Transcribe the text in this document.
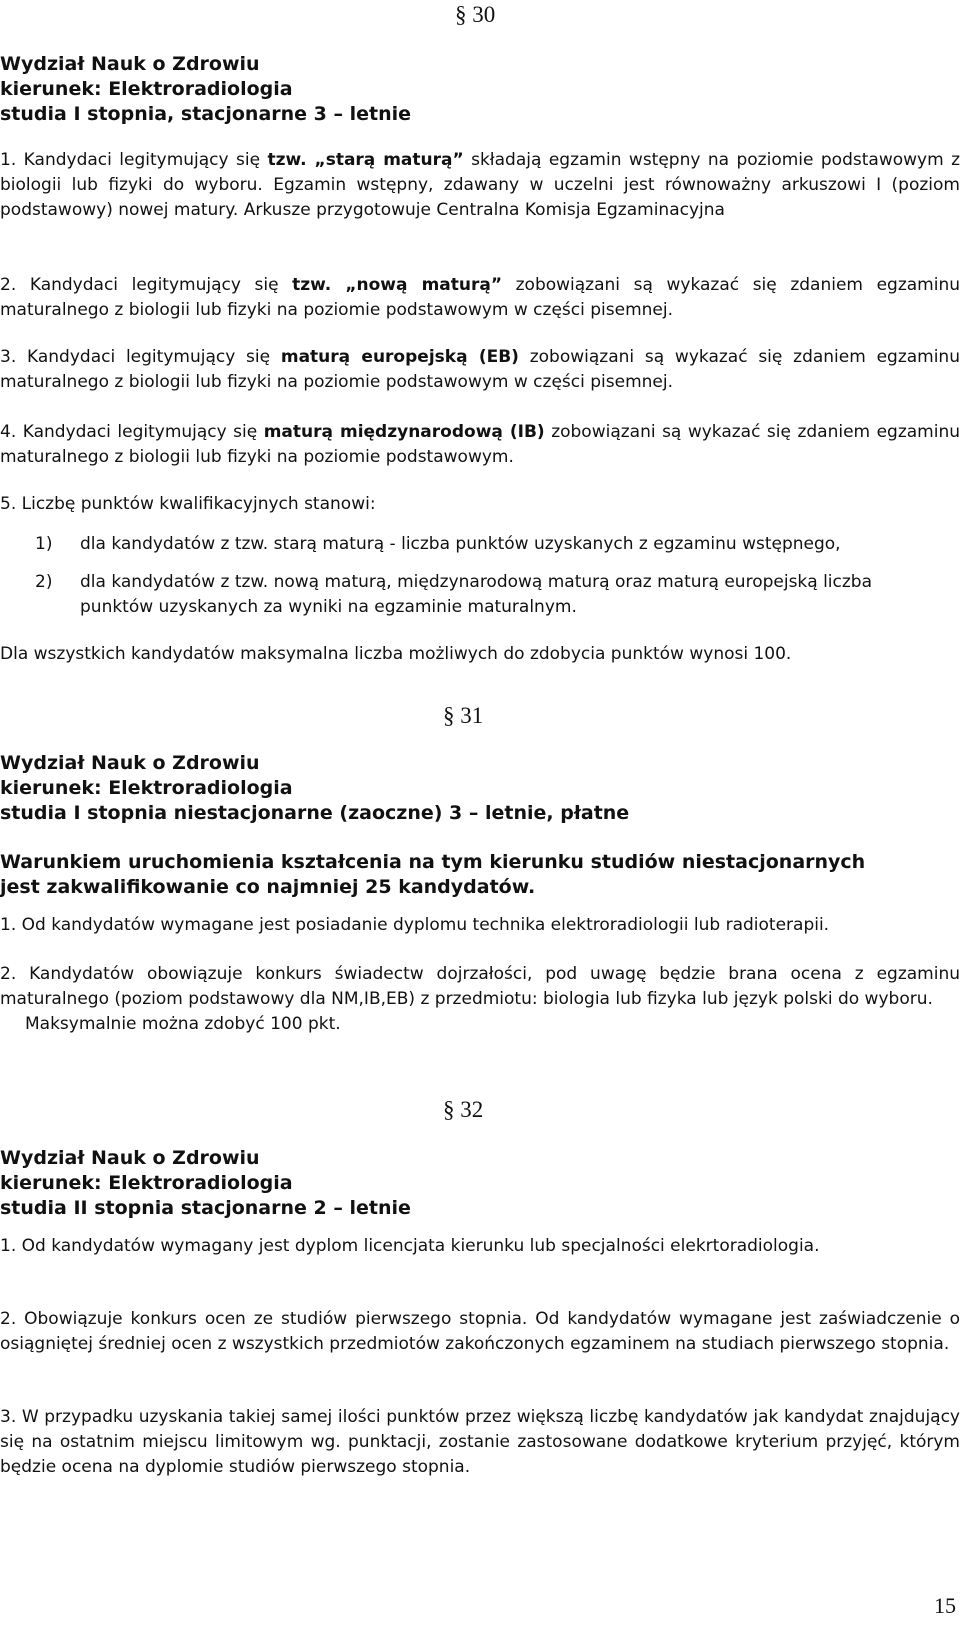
§ 30
Wydział Nauk o Zdrowiu
kierunek: Elektroradiologia
studia I stopnia, stacjonarne 3 – letnie
1. Kandydaci legitymujący się tzw. „starą maturą” składają egzamin wstępny na poziomie podstawowym z biologii lub fizyki do wyboru. Egzamin wstępny, zdawany w uczelni jest równoważny arkuszowi I (poziom podstawowy) nowej matury. Arkusze przygotowuje Centralna Komisja Egzaminacyjna
2. Kandydaci legitymujący się tzw. „nową maturą” zobowiązani są wykazać się zdaniem egzaminu maturalnego z biologii lub fizyki na poziomie podstawowym w części pisemnej.
3. Kandydaci legitymujący się maturą europejską (EB) zobowiązani są wykazać się zdaniem egzaminu maturalnego z biologii lub fizyki na poziomie podstawowym w części pisemnej.
4. Kandydaci legitymujący się maturą międzynarodową (IB) zobowiązani są wykazać się zdaniem egzaminu maturalnego z biologii lub fizyki na poziomie podstawowym.
5. Liczbę punktów kwalifikacyjnych stanowi:
1) dla kandydatów z tzw. starą maturą - liczba punktów uzyskanych z egzaminu wstępnego,
2) dla kandydatów z tzw. nową maturą, międzynarodową maturą oraz maturą europejską liczba punktów uzyskanych za wyniki na egzaminie maturalnym.
Dla wszystkich kandydatów maksymalna liczba możliwych do zdobycia punktów wynosi 100.
§ 31
Wydział Nauk o Zdrowiu
kierunek: Elektroradiologia
studia I stopnia niestacjonarne (zaoczne) 3 – letnie, płatne
Warunkiem uruchomienia kształcenia na tym kierunku studiów niestacjonarnych jest zakwalifikowanie co najmniej 25 kandydatów.
1. Od kandydatów wymagane jest posiadanie dyplomu technika elektroradiologii lub radioterapii.
2. Kandydatów obowiązuje konkurs świadectw dojrzałości, pod uwagę będzie brana ocena z egzaminu maturalnego (poziom podstawowy dla NM,IB,EB) z przedmiotu: biologia lub fizyka lub język polski do wyboru.
Maksymalnie można zdobyć 100 pkt.
§ 32
Wydział Nauk o Zdrowiu
kierunek: Elektroradiologia
studia II stopnia stacjonarne 2 – letnie
1. Od kandydatów wymagany jest dyplom licencjata kierunku lub specjalności elekrtoradiologia.
2. Obowiązuje konkurs ocen ze studiów pierwszego stopnia. Od kandydatów wymagane jest zaświadczenie o osiągniętej średniej ocen z wszystkich przedmiotów zakończonych egzaminem na studiach pierwszego stopnia.
3. W przypadku uzyskania takiej samej ilości punktów przez większą liczbę kandydatów jak kandydat znajdujący się na ostatnim miejscu limitowym wg. punktacji, zostanie zastosowane dodatkowe kryterium przyjęć, którym będzie ocena na dyplomie studiów pierwszego stopnia.
15
